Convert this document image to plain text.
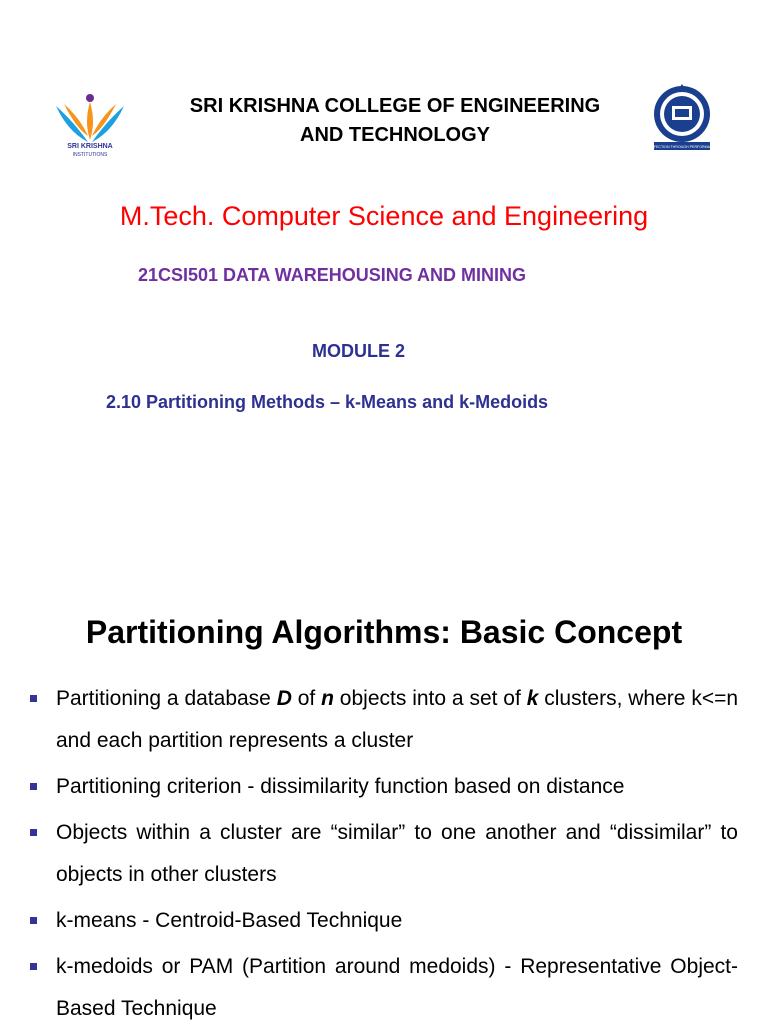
SRI KRISHNA
INSTITUTIONS
SRI KRISHNA COLLEGE OF ENGINEERING
AND TECHNOLOGY
PERFECTION THROUGH PERFORMANCE
M.Tech. Computer Science and Engineering
21CSI501 DATA WAREHOUSING AND MINING
MODULE 2
2.10 Partitioning Methods – k-Means and k-Medoids
Partitioning Algorithms: Basic Concept
Partitioning a database D of n objects into a set of k clusters, where k<=n and each partition represents a cluster
Partitioning criterion - dissimilarity function based on distance
Objects within a cluster are “similar” to one another and “dissimilar” to objects in other clusters
k-means - Centroid-Based Technique
k-medoids or PAM (Partition around medoids) - Representative Object-Based Technique
